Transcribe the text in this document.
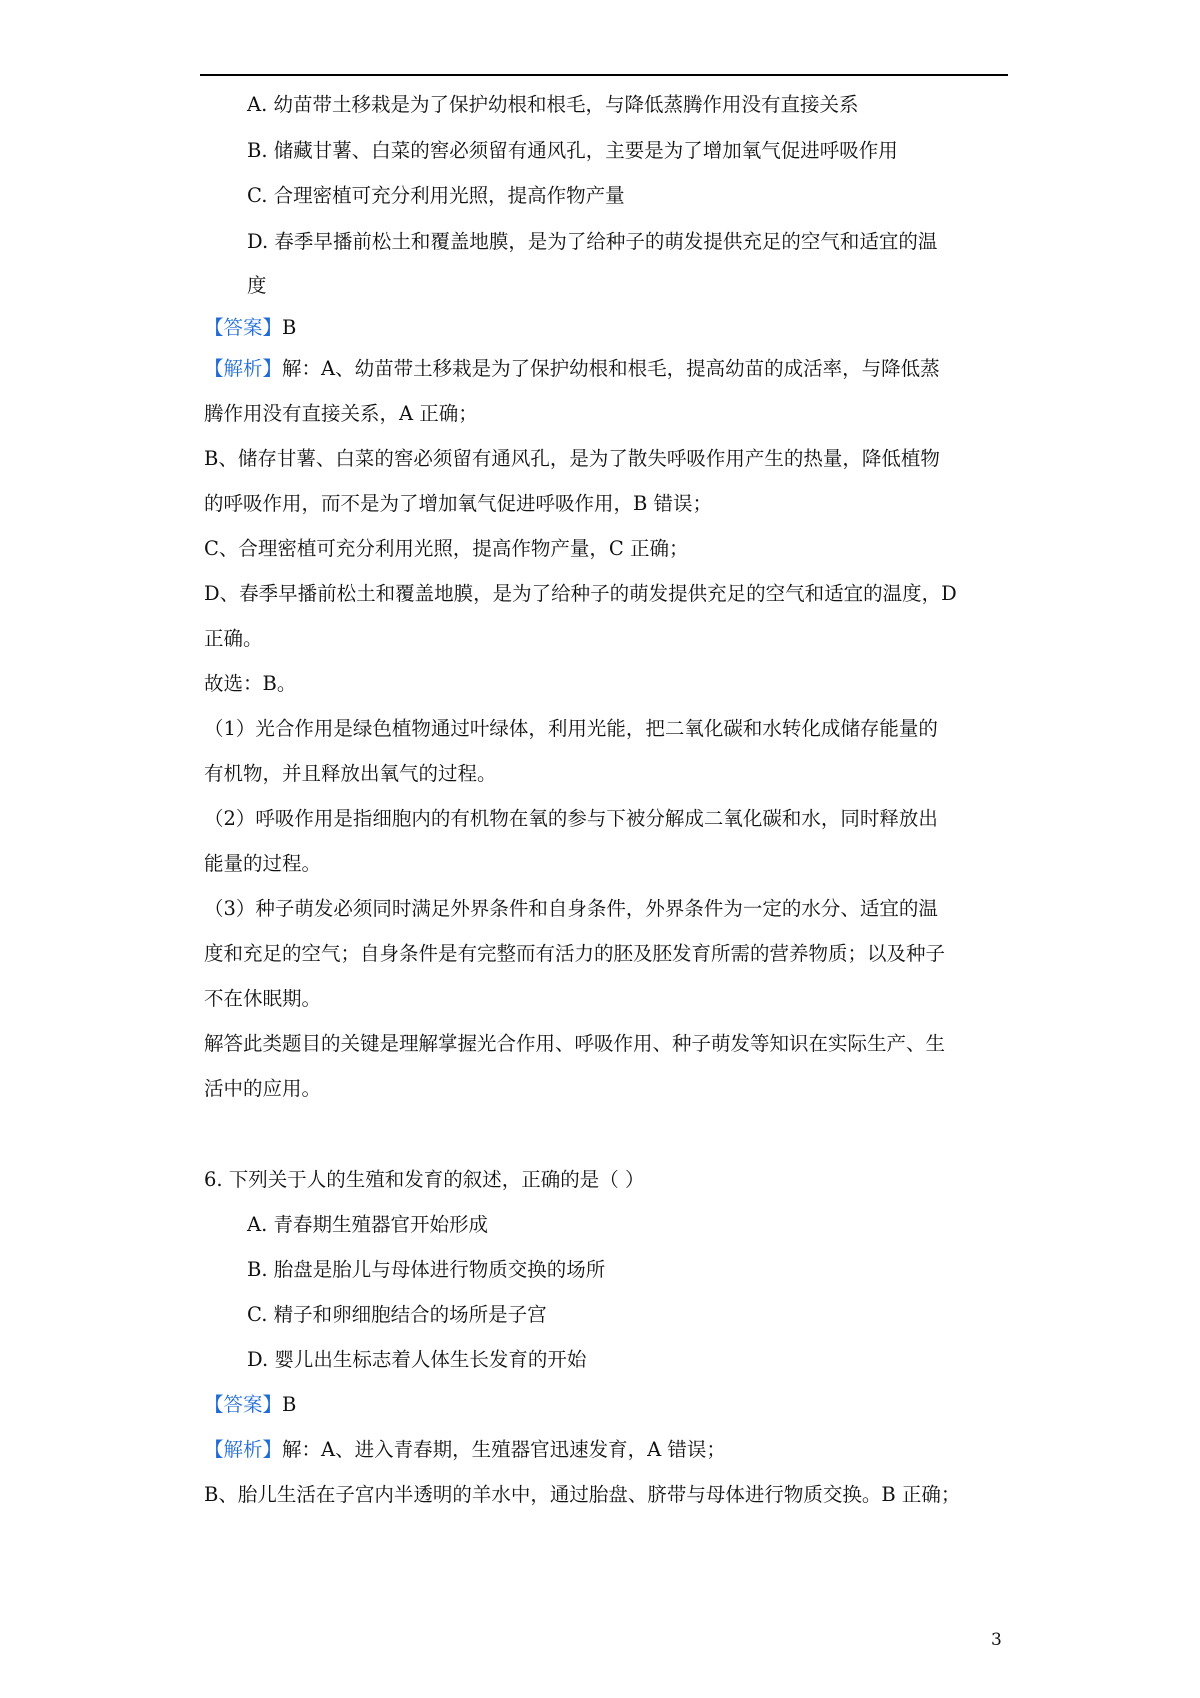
A. 幼苗带土移栽是为了保护幼根和根毛，与降低蒸腾作用没有直接关系
B. 储藏甘薯、白菜的窖必须留有通风孔，主要是为了增加氧气促进呼吸作用
C. 合理密植可充分利用光照，提高作物产量
D. 春季早播前松土和覆盖地膜，是为了给种子的萌发提供充足的空气和适宜的温
度
【答案】B
【解析】解：A、幼苗带土移栽是为了保护幼根和根毛，提高幼苗的成活率，与降低蒸
腾作用没有直接关系，A 正确；
B、储存甘薯、白菜的窖必须留有通风孔，是为了散失呼吸作用产生的热量，降低植物
的呼吸作用，而不是为了增加氧气促进呼吸作用，B 错误；
C、合理密植可充分利用光照，提高作物产量，C 正确；
D、春季早播前松土和覆盖地膜，是为了给种子的萌发提供充足的空气和适宜的温度，D
正确。
故选：B。
（1）光合作用是绿色植物通过叶绿体，利用光能，把二氧化碳和水转化成储存能量的
有机物，并且释放出氧气的过程。
（2）呼吸作用是指细胞内的有机物在氧的参与下被分解成二氧化碳和水，同时释放出
能量的过程。
（3）种子萌发必须同时满足外界条件和自身条件，外界条件为一定的水分、适宜的温
度和充足的空气；自身条件是有完整而有活力的胚及胚发育所需的营养物质；以及种子
不在休眠期。
解答此类题目的关键是理解掌握光合作用、呼吸作用、种子萌发等知识在实际生产、生
活中的应用。
6. 下列关于人的生殖和发育的叙述，正确的是（ ）
A. 青春期生殖器官开始形成
B. 胎盘是胎儿与母体进行物质交换的场所
C. 精子和卵细胞结合的场所是子宫
D. 婴儿出生标志着人体生长发育的开始
【答案】B
【解析】解：A、进入青春期，生殖器官迅速发育，A 错误；
B、胎儿生活在子宫内半透明的羊水中，通过胎盘、脐带与母体进行物质交换。B 正确；
3
